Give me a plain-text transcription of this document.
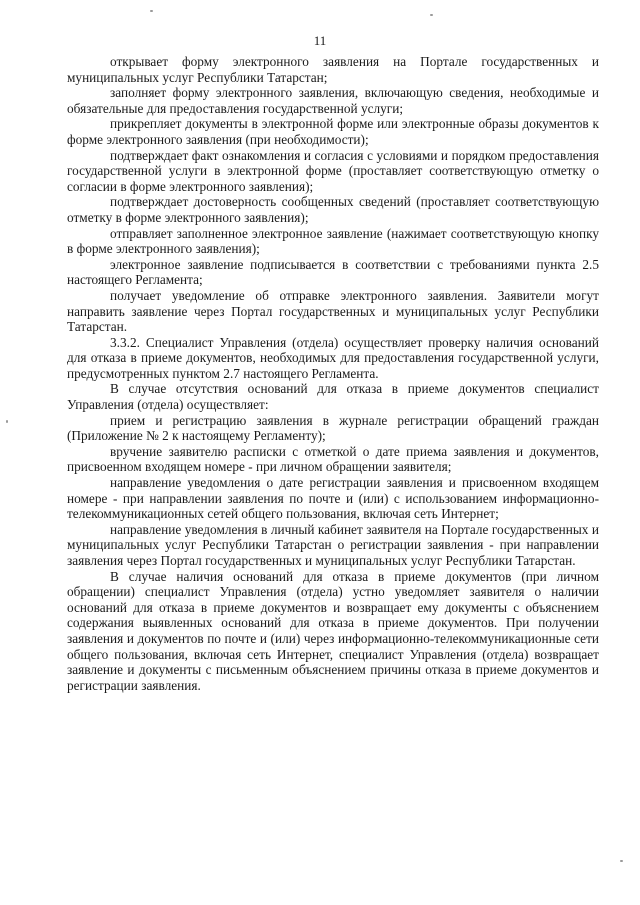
11

открывает форму электронного заявления на Портале государственных и муниципальных услуг Республики Татарстан;

заполняет форму электронного заявления, включающую сведения, необходимые и обязательные для предоставления государственной услуги;

прикрепляет документы в электронной форме или электронные образы документов к форме электронного заявления (при необходимости);

подтверждает факт ознакомления и согласия с условиями и порядком предоставления государственной услуги в электронной форме (проставляет соответствующую отметку о согласии в форме электронного заявления);

подтверждает достоверность сообщенных сведений (проставляет соответствующую отметку в форме электронного заявления);

отправляет заполненное электронное заявление (нажимает соответствующую кнопку в форме электронного заявления);

электронное заявление подписывается в соответствии с требованиями пункта 2.5 настоящего Регламента;

получает уведомление об отправке электронного заявления. Заявители могут направить заявление через Портал государственных и муниципальных услуг Республики Татарстан.

3.3.2. Специалист Управления (отдела) осуществляет проверку наличия оснований для отказа в приеме документов, необходимых для предоставления государственной услуги, предусмотренных пунктом 2.7 настоящего Регламента.

В случае отсутствия оснований для отказа в приеме документов специалист Управления (отдела) осуществляет:

прием и регистрацию заявления в журнале регистрации обращений граждан (Приложение № 2 к настоящему Регламенту);

вручение заявителю расписки с отметкой о дате приема заявления и документов, присвоенном входящем номере - при личном обращении заявителя;

направление уведомления о дате регистрации заявления и присвоенном входящем номере - при направлении заявления по почте и (или) с использованием информационно-телекоммуникационных сетей общего пользования, включая сеть Интернет;

направление уведомления в личный кабинет заявителя на Портале государственных и муниципальных услуг Республики Татарстан о регистрации заявления - при направлении заявления через Портал государственных и муниципальных услуг Республики Татарстан.

В случае наличия оснований для отказа в приеме документов (при личном обращении) специалист Управления (отдела) устно уведомляет заявителя о наличии оснований для отказа в приеме документов и возвращает ему документы с объяснением содержания выявленных оснований для отказа в приеме документов. При получении заявления и документов по почте и (или) через информационно-телекоммуникационные сети общего пользования, включая сеть Интернет, специалист Управления (отдела) возвращает заявление и документы с письменным объяснением причины отказа в приеме документов и регистрации заявления.
